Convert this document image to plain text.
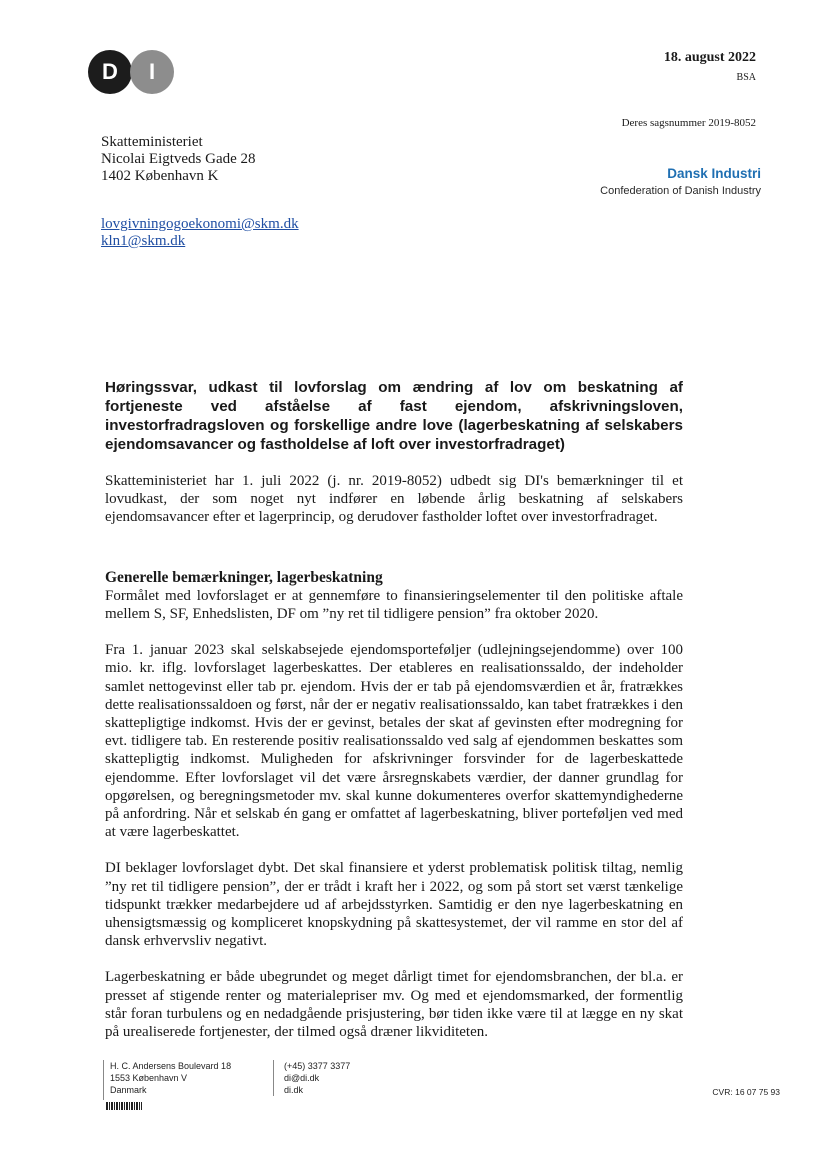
D	I
18. august 2022
BSA
Deres sagsnummer 2019-8052
Dansk Industri
Confederation of Danish Industry
Skatteministeriet
Nicolai Eigtveds Gade 28
1402 København K
lovgivningogoekonomi@skm.dk
kln1@skm.dk

Høringssvar, udkast til lovforslag om ændring af lov om beskatning af fortjeneste ved afståelse af fast ejendom, afskrivningsloven, investorfradragsloven og forskellige andre love (lagerbeskatning af selskabers ejendomsavancer og fastholdelse af loft over investorfradraget)

Skatteministeriet har 1. juli 2022 (j. nr. 2019-8052) udbedt sig DI's bemærkninger til et lovudkast, der som noget nyt indfører en løbende årlig beskatning af selskabers ejendomsavancer efter et lagerprincip, og derudover fastholder loftet over investorfradraget.

Generelle bemærkninger, lagerbeskatning

Formålet med lovforslaget er at gennemføre to finansieringselementer til den politiske aftale mellem S, SF, Enhedslisten, DF om ”ny ret til tidligere pension” fra oktober 2020.

Fra 1. januar 2023 skal selskabsejede ejendomsporteføljer (udlejningsejendomme) over 100 mio. kr. iflg. lovforslaget lagerbeskattes. Der etableres en realisationssaldo, der indeholder samlet nettogevinst eller tab pr. ejendom. Hvis der er tab på ejendomsværdien et år, fratrækkes dette realisationssaldoen og først, når der er negativ realisationssaldo, kan tabet fratrækkes i den skattepligtige indkomst. Hvis der er gevinst, betales der skat af gevinsten efter modregning for evt. tidligere tab. En resterende positiv realisationssaldo ved salg af ejendommen beskattes som skattepligtig indkomst. Muligheden for afskrivninger forsvinder for de lagerbeskattede ejendomme. Efter lovforslaget vil det være årsregnskabets værdier, der danner grundlag for opgørelsen, og beregningsmetoder mv. skal kunne dokumenteres overfor skattemyndighederne på anfordring. Når et selskab én gang er omfattet af lagerbeskatning, bliver porteføljen ved med at være lagerbeskattet.

DI beklager lovforslaget dybt. Det skal finansiere et yderst problematisk politisk tiltag, nemlig ”ny ret til tidligere pension”, der er trådt i kraft her i 2022, og som på stort set værst tænkelige tidspunkt trækker medarbejdere ud af arbejdsstyrken. Samtidig er den nye lagerbeskatning en uhensigtsmæssig og kompliceret knopskydning på skattesystemet, der vil ramme en stor del af dansk erhvervsliv negativt.

Lagerbeskatning er både ubegrundet og meget dårligt timet for ejendomsbranchen, der bl.a. er presset af stigende renter og materialepriser mv. Og med et ejendomsmarked, der formentlig står foran turbulens og en nedadgående prisjustering, bør tiden ikke være til at lægge en ny skat på urealiserede fortjenester, der tilmed også dræner likviditeten.

H. C. Andersens Boulevard 18
1553 København V
Danmark
(+45) 3377 3377
di@di.dk
di.dk	CVR: 16 07 75 93
